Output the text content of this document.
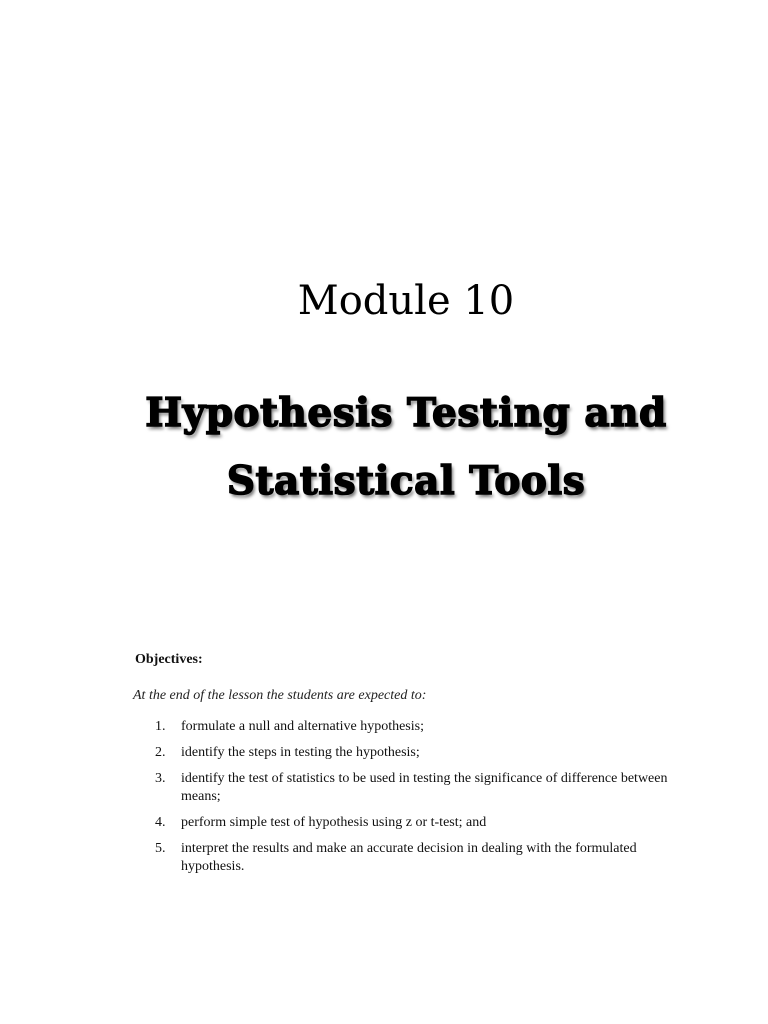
Module 10
Hypothesis Testing and
Statistical Tools
Objectives:
At the end of the lesson the students are expected to:
1. formulate a null and alternative hypothesis;
2. identify the steps in testing the hypothesis;
3. identify the test of statistics to be used in testing the significance of difference between means;
4. perform simple test of hypothesis using z or t-test; and
5. interpret the results and make an accurate decision in dealing with the formulated hypothesis.
